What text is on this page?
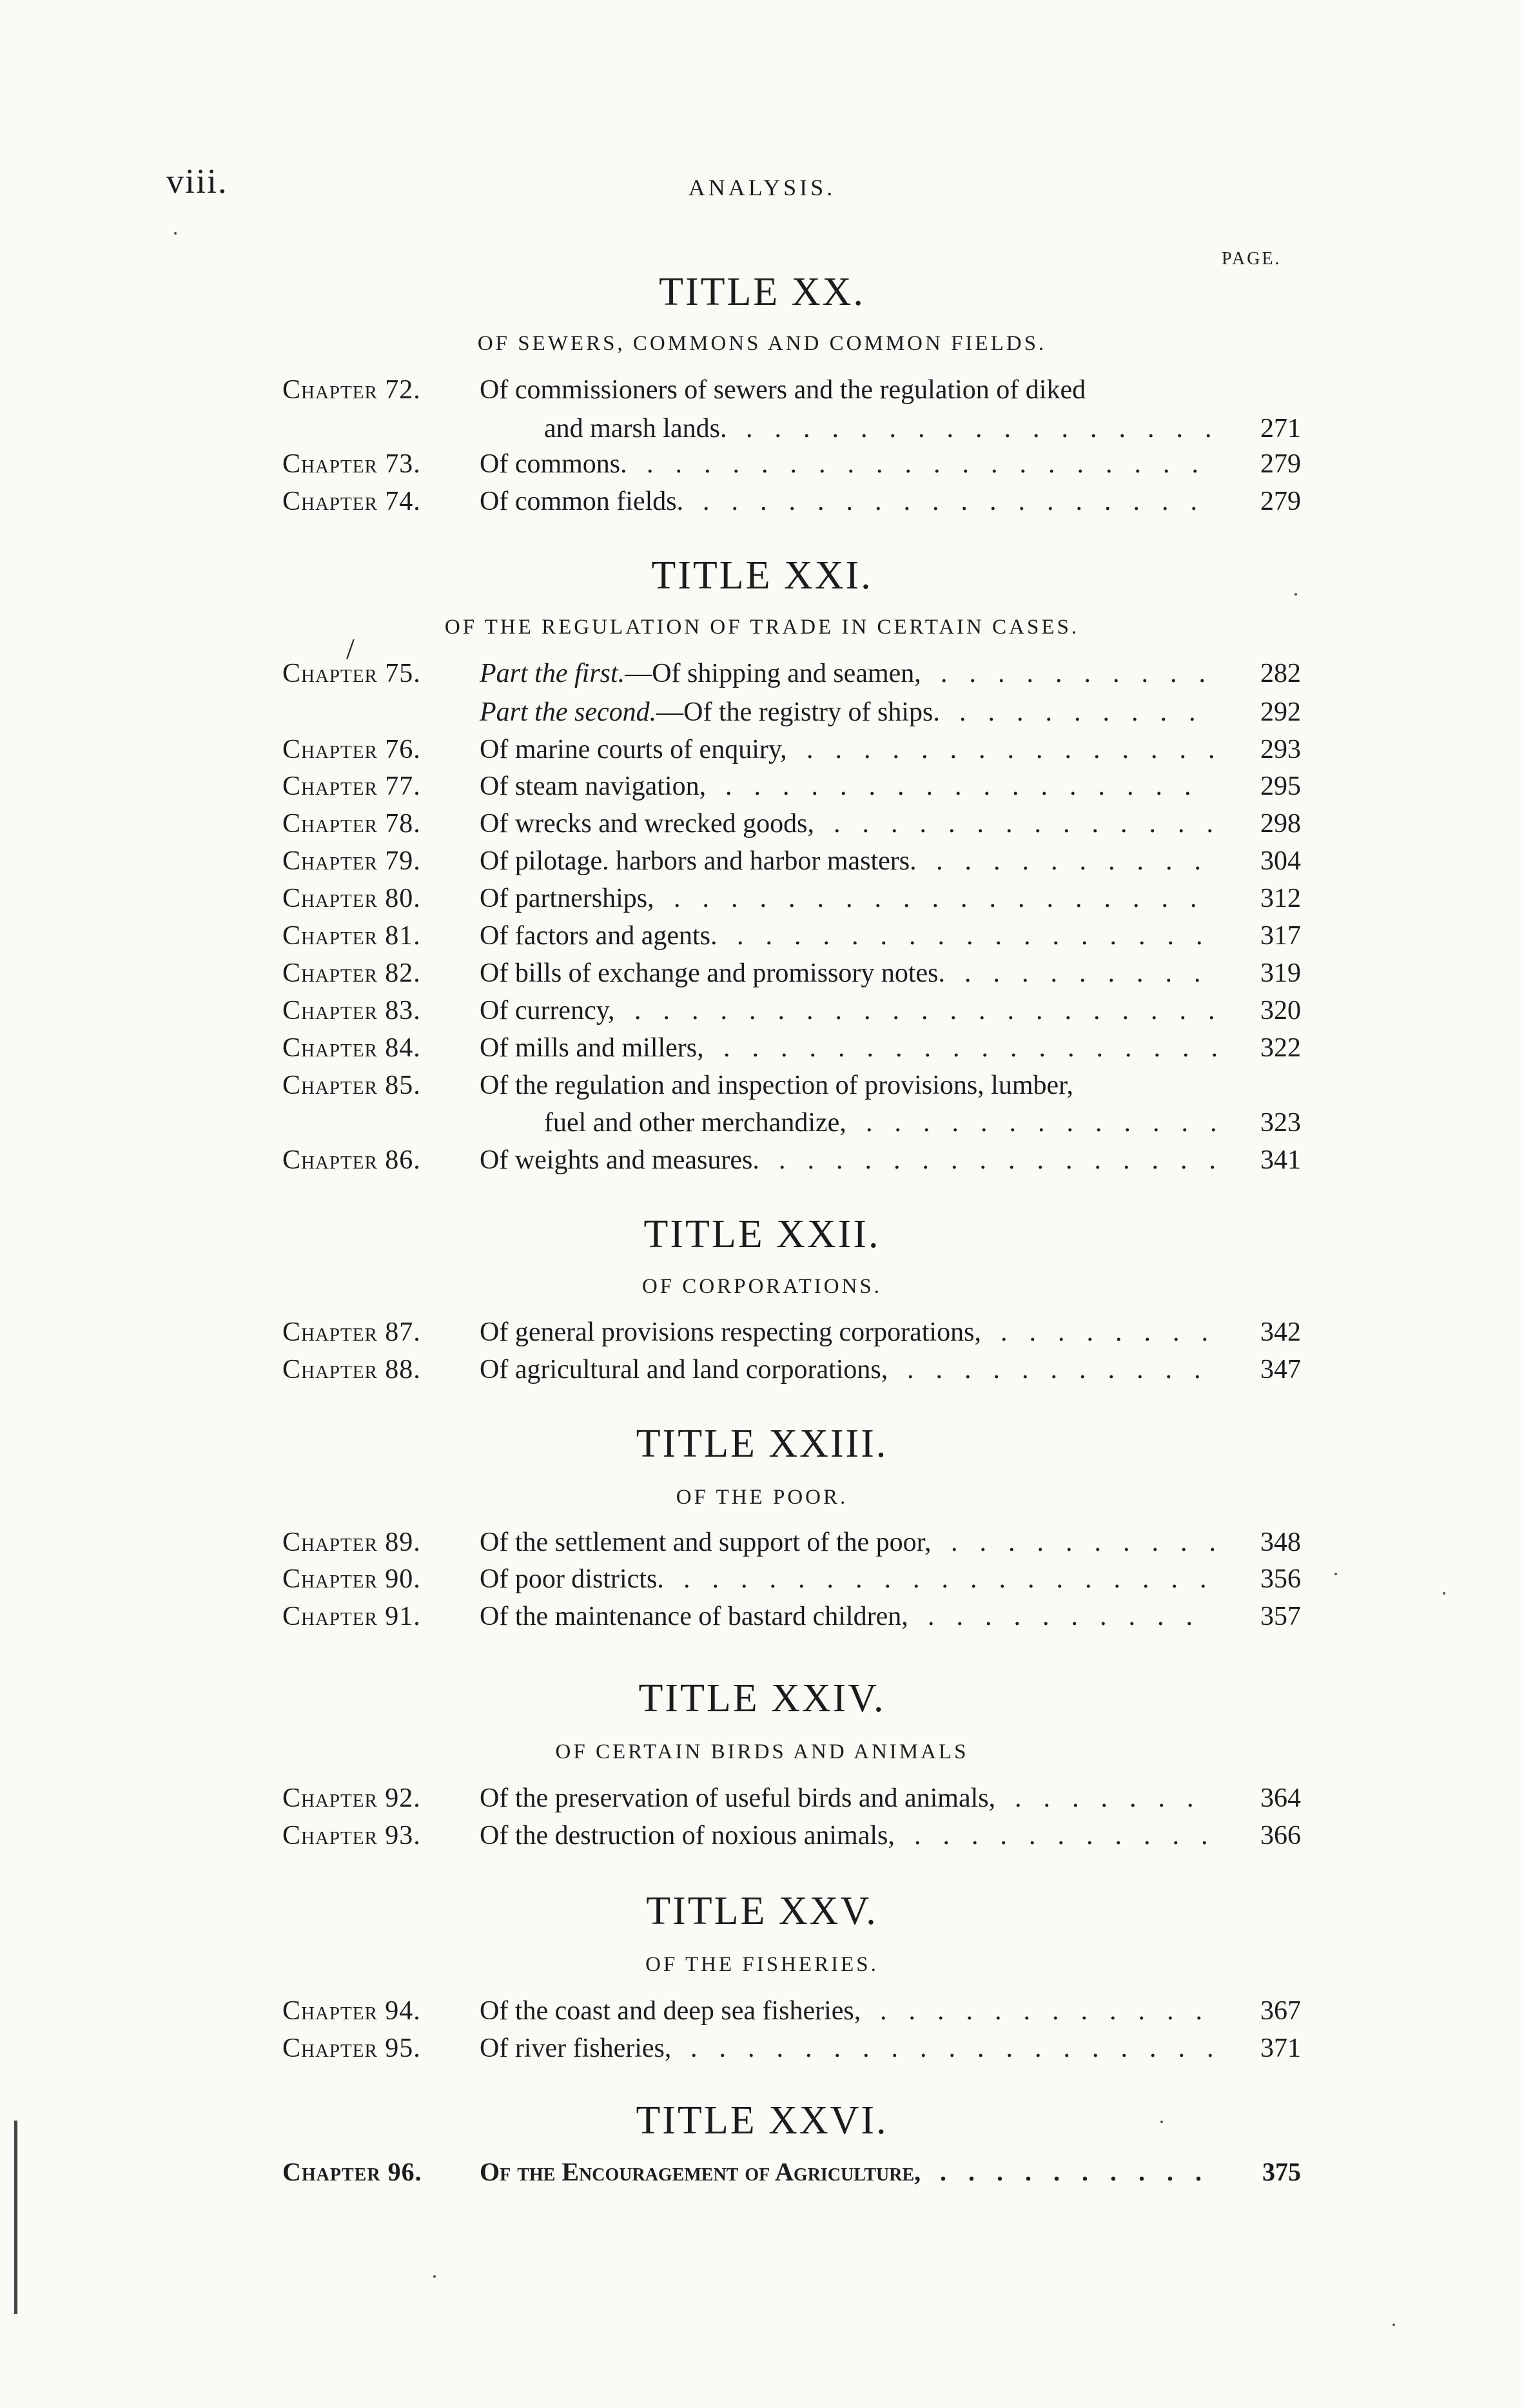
viii.	ANALYSIS.
PAGE.
/
TITLE XX.
OF SEWERS, COMMONS AND COMMON FIELDS.
Chapter 72. Of commissioners of sewers and the regulation of diked
and marsh lands.	271
.................
Chapter 73. Of commons.	279
....................
Chapter 74. Of common fields.	279
..................
TITLE XXI.
OF THE REGULATION OF TRADE IN CERTAIN CASES.
Chapter 75. Part the first.—Of shipping and seamen,	282
..........
Part the second.—Of the registry of ships.	292
.........
Chapter 76. Of marine courts of enquiry,	293
...............
Chapter 77. Of steam navigation,	295
.................
Chapter 78. Of wrecks and wrecked goods,	298
..............
Chapter 79. Of pilotage. harbors and harbor masters.	304
..........
Chapter 80. Of partnerships,	312
...................
Chapter 81. Of factors and agents.	317
.................
Chapter 82. Of bills of exchange and promissory notes.	319
.........
Chapter 83. Of currency,	320
.....................
Chapter 84. Of mills and millers,	322
..................
Chapter 85. Of the regulation and inspection of provisions, lumber,
fuel and other merchandize,	323
.............
Chapter 86. Of weights and measures.	341
................
TITLE XXII.
OF CORPORATIONS.
Chapter 87. Of general provisions respecting corporations,	342
........
Chapter 88. Of agricultural and land corporations,	347
...........
TITLE XXIII.
OF THE POOR.
Chapter 89. Of the settlement and support of the poor,	348
..........
Chapter 90. Of poor districts.	356
...................
Chapter 91. Of the maintenance of bastard children,	357
..........
TITLE XXIV.
OF CERTAIN BIRDS AND ANIMALS
Chapter 92. Of the preservation of useful birds and animals,	364
.......
Chapter 93. Of the destruction of noxious animals,	366
...........
TITLE XXV.
OF THE FISHERIES.
Chapter 94. Of the coast and deep sea fisheries,	367
............
Chapter 95. Of river fisheries,	371
...................
TITLE XXVI.
Chapter 96. Of the Encouragement of Agriculture,	375
..........
